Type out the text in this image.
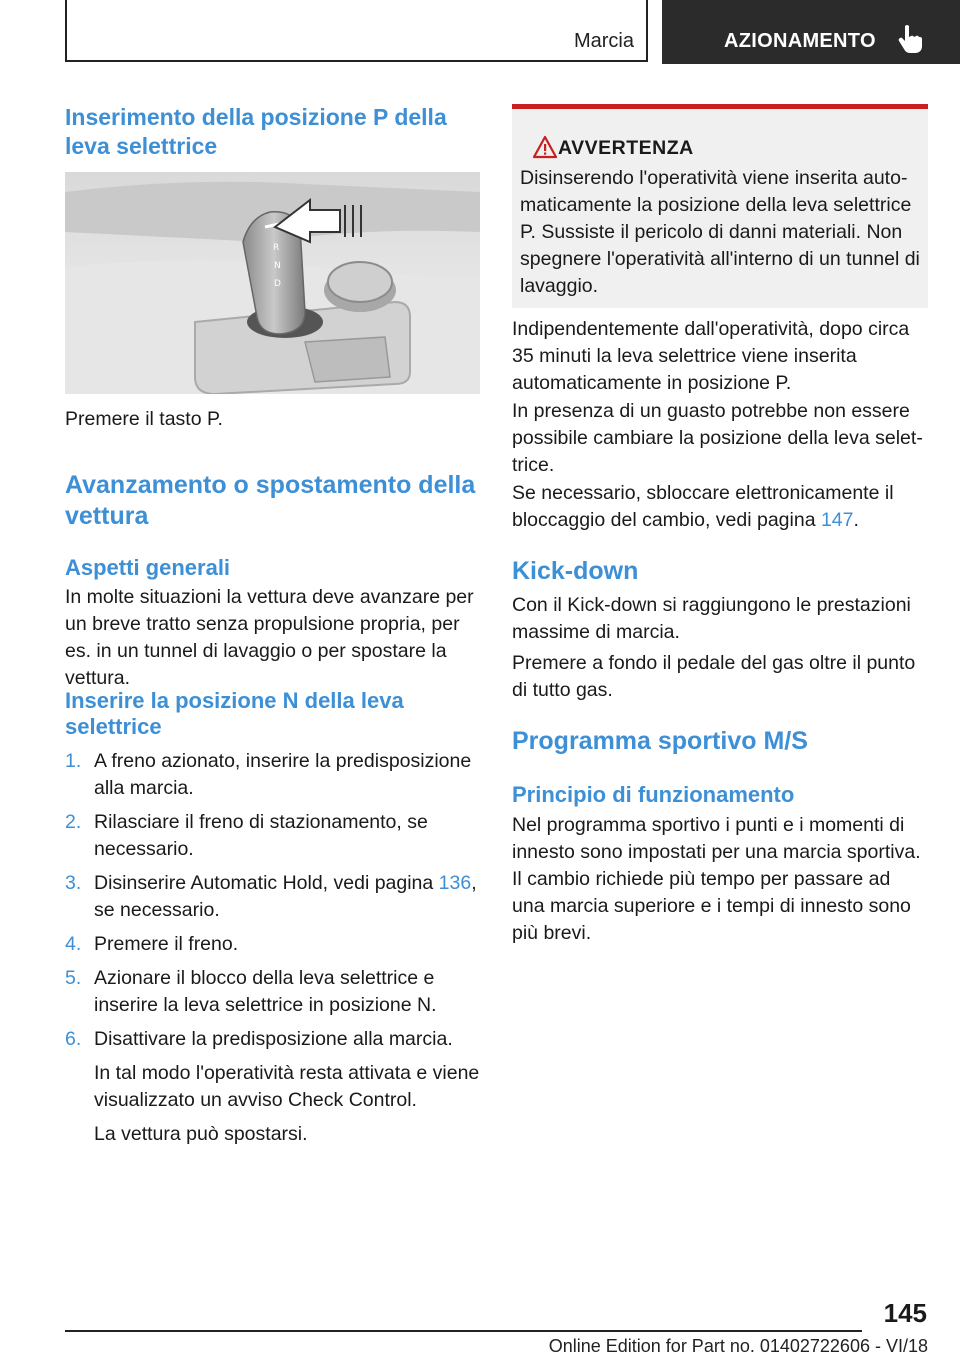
Marcia	AZIONAMENTO
Inserimento della posizione P della leva selettrice
R
N
D

Premere il tasto P.

Avanzamento o spostamento della vettura
Aspetti generali

In molte situazioni la vettura deve avanzare per un breve tratto senza propulsione propria, per es. in un tunnel di lavaggio o per spostare la vettura.

Inserire la posizione N della leva selettrice
1. A freno azionato, inserire la predisposizione alla marcia.
2. Rilasciare il freno di stazionamento, se necessario.
3. Disinserire Automatic Hold, vedi pagina 136, se necessario.
4. Premere il freno.
5. Azionare il blocco della leva selettrice e inserire la leva selettrice in posizione N.
6. Disattivare la predisposizione alla marcia.
In tal modo l'operatività resta attivata e viene visualizzato un avviso Check Control.
La vettura può spostarsi.
AVVERTENZA
Disinserendo l'operatività viene inserita automaticamente la posizione della leva selettrice P. Sussiste il pericolo di danni materiali. Non spegnere l'operatività all'interno di un tunnel di lavaggio.

Indipendentemente dall'operatività, dopo circa 35 minuti la leva selettrice viene inserita automaticamente in posizione P.

In presenza di un guasto potrebbe non essere possibile cambiare la posizione della leva selettrice.

Se necessario, sbloccare elettronicamente il bloccaggio del cambio, vedi pagina 147.

Kick-down

Con il Kick-down si raggiungono le prestazioni massime di marcia.

Premere a fondo il pedale del gas oltre il punto di tutto gas.

Programma sportivo M/S
Principio di funzionamento

Nel programma sportivo i punti e i momenti di innesto sono impostati per una marcia sportiva. Il cambio richiede più tempo per passare ad una marcia superiore e i tempi di innesto sono più brevi.

145
Online Edition for Part no. 01402722606 - VI/18
